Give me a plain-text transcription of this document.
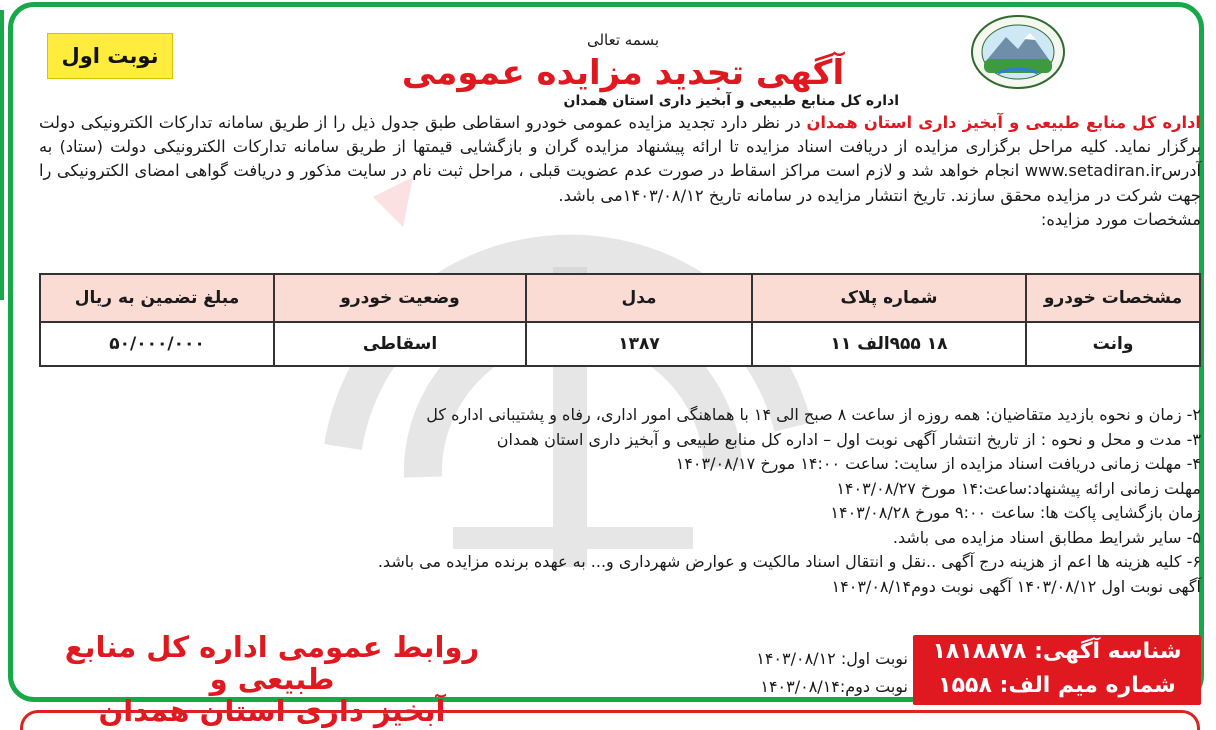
نوبت اول
بسمه تعالی
آگهی تجدید مزایده عمومی
اداره کل منابع طبیعی و آبخیز داری استان همدان
اداره کل منابع طبیعی و آبخیز داری استان همدان در نظر دارد تجدید مزایده عمومی خودرو اسقاطی طبق جدول ذیل را از طریق سامانه تدارکات الکترونیکی دولت برگزار نماید. کلیه مراحل برگزاری مزایده از دریافت اسناد مزایده تا ارائه پیشنهاد مزایده گران و بازگشایی قیمتها از طریق سامانه تدارکات الکترونیکی دولت (ستاد) به آدرسwww.setadiran.ir انجام خواهد شد و لازم است مراکز اسقاط در صورت عدم عضویت قبلی ، مراحل ثبت نام در سایت مذکور و دریافت گواهی امضای الکترونیکی را جهت شرکت در مزایده محقق سازند. تاریخ انتشار مزایده در سامانه تاریخ ۱۴۰۳/۰۸/۱۲می باشد.
مشخصات مورد مزایده:
مشخصات خودرو	شماره پلاک	مدل	وضعیت خودرو	مبلغ تضمین به ریال
وانت	۱۸ ۹۵۵الف ۱۱	۱۳۸۷	اسقاطی	۵۰/۰۰۰/۰۰۰
۲- زمان و نحوه بازدید متقاضیان: همه روزه از ساعت ۸ صبح الی ۱۴ با هماهنگی امور اداری، رفاه و پشتیبانی اداره کل
۳- مدت و محل و نحوه : از تاریخ انتشار آگهی نوبت اول – اداره کل منابع طبیعی و آبخیز داری استان همدان
۴- مهلت زمانی دریافت اسناد مزایده از سایت: ساعت ۱۴:۰۰ مورخ ۱۴۰۳/۰۸/۱۷
مهلت زمانی ارائه پیشنهاد:ساعت:۱۴ مورخ ۱۴۰۳/۰۸/۲۷
زمان بازگشایی پاکت ها: ساعت ۹:۰۰ مورخ ۱۴۰۳/۰۸/۲۸
۵- سایر شرایط مطابق اسناد مزایده می باشد.
۶- کلیه هزینه ها اعم از هزینه درج آگهی ..نقل و انتقال اسناد مالکیت و عوارض شهرداری و... به عهده برنده مزایده می باشد.
آگهی نوبت اول ۱۴۰۳/۰۸/۱۲ آگهی نوبت دوم۱۴۰۳/۰۸/۱۴
روابط عمومی اداره کل منابع طبیعی و
آبخیز داری استان همدان
نوبت اول: ۱۴۰۳/۰۸/۱۲
نوبت دوم:۱۴۰۳/۰۸/۱۴
شناسه آگهی: ۱۸۱۸۸۷۸
شماره میم الف: ۱۵۵۸
